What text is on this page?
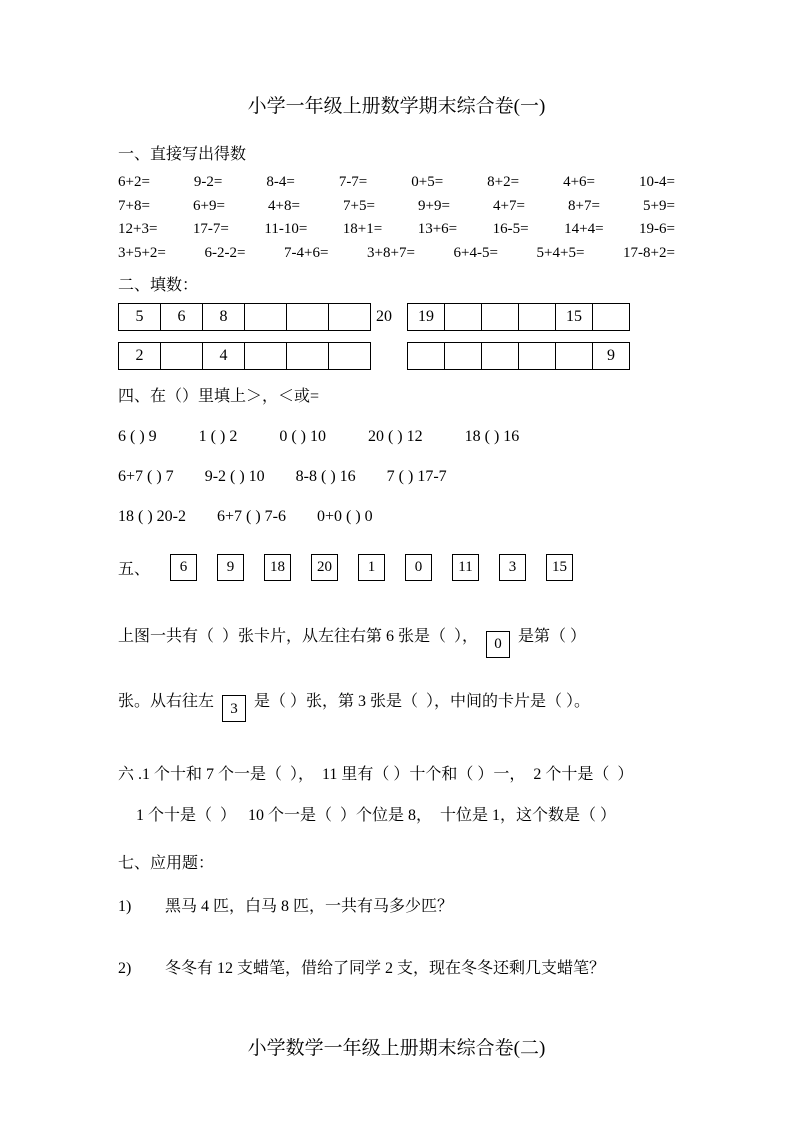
小学一年级上册数学期末综合卷(一)
一、直接写出得数
6+2=	9-2=	8-4=	7-7=	0+5=	8+2=	4+6=	10-4=
7+8=	6+9=	4+8=	7+5=	9+9=	4+7=	8+7=	5+9=
12+3= 17-7= 11-10= 18+1= 13+6= 16-5= 14+4= 19-6=
3+5+2=	6-2-2=	7-4+6=	3+8+7=	6+4-5=	5+4+5=	17-8+2=
二、填数：
5	6	8				20	19				15	
2		4			
						9
四、在（）里填上＞，＜或=
6 ( ) 9	1 ( ) 2	0 ( ) 10	20 ( ) 12	18 ( ) 16
6+7 ( ) 7 9-2 ( ) 10 8-8 ( ) 16 7 ( ) 17-7
18 ( ) 20-2 6+7 ( ) 7-6 0+0 ( ) 0
五、	6	9	18	20	1	0	11	3	15

上图一共有（  ）张卡片，从左往右第 6 张是（  ）， 0 是第（ ）

张。从右往左 3 是（ ）张，第 3 张是（  ），中间的卡片是（ ）。

六 .1 个十和 7 个一是（  ），  11 里有（ ）十个和（ ）一，  2 个十是（  ）

1 个十是（  ）   10 个一是（  ）个位是 8，  十位是 1，这个数是（ ）

七、应用题：
1)	黑马 4 匹，白马 8 匹，一共有马多少匹？
2)	冬冬有 12 支蜡笔，借给了同学 2 支，现在冬冬还剩几支蜡笔？
小学数学一年级上册期末综合卷(二)
